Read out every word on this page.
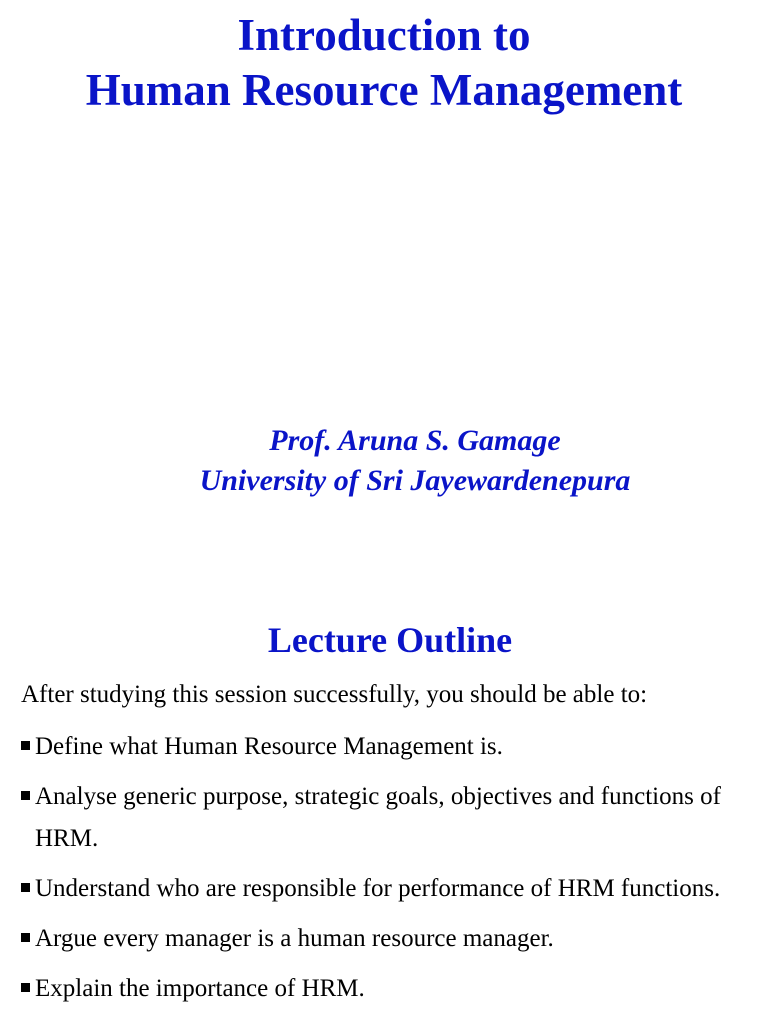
Introduction to
Human Resource Management
Prof. Aruna S. Gamage
University of Sri Jayewardenepura
Lecture Outline

After studying this session successfully, you should be able to:

Define what Human Resource Management is.
Analyse generic purpose, strategic goals, objectives and functions of HRM.
Understand who are responsible for performance of HRM functions.
Argue every manager is a human resource manager.
Explain the importance of HRM.
